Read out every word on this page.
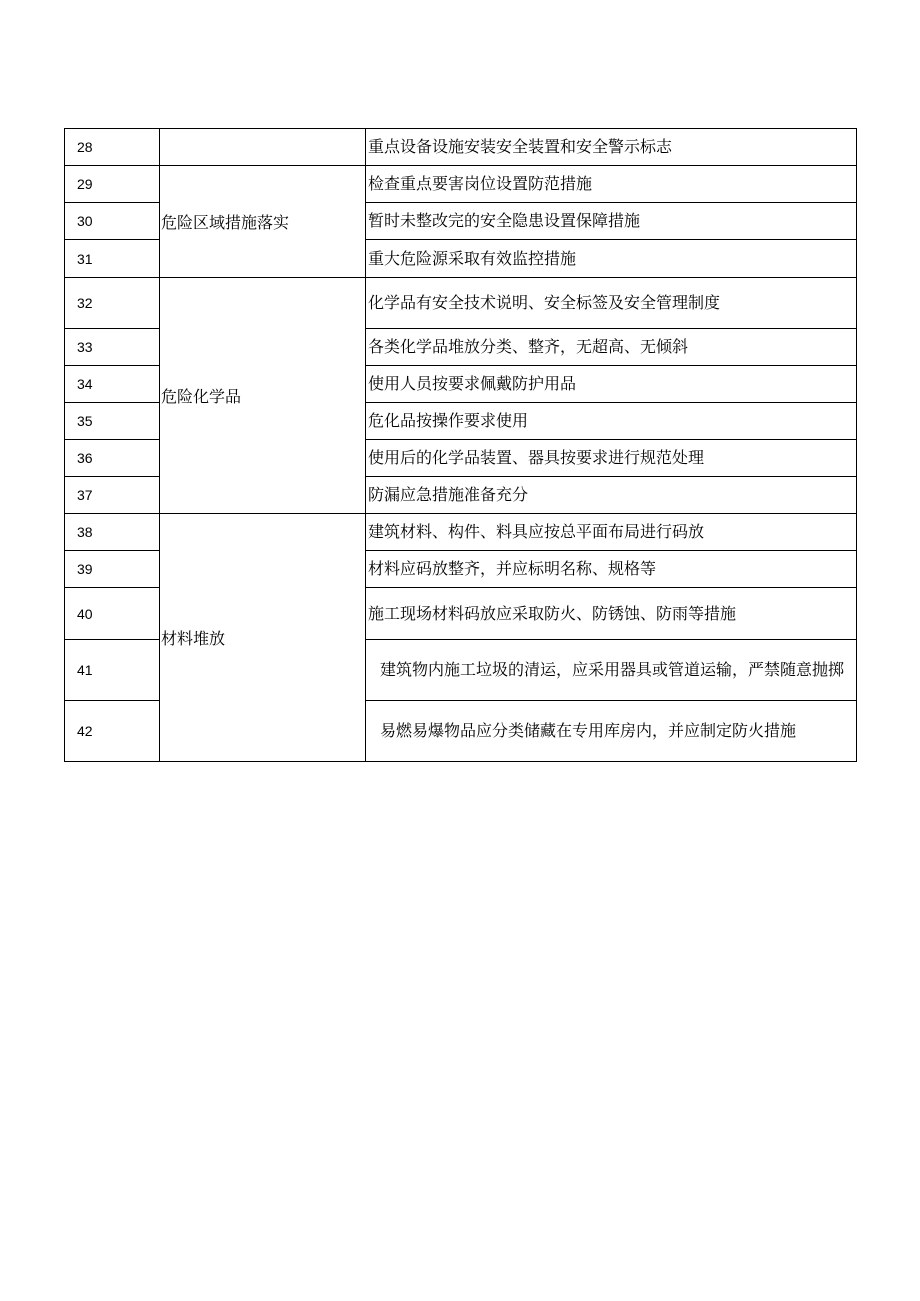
28		重点设备设施安装安全装置和安全警示标志
29	危险区域措施落实	检查重点要害岗位设置防范措施
30		暂时未整改完的安全隐患设置保障措施
31		重大危险源采取有效监控措施
32	危险化学品	化学品有安全技术说明、安全标签及安全管理制度
33		各类化学品堆放分类、整齐，无超高、无倾斜
34		使用人员按要求佩戴防护用品
35		危化品按操作要求使用
36		使用后的化学品装置、器具按要求进行规范处理
37		防漏应急措施准备充分
38	材料堆放	建筑材料、构件、料具应按总平面布局进行码放
39		材料应码放整齐，并应标明名称、规格等
40		施工现场材料码放应采取防火、防锈蚀、防雨等措施
41		建筑物内施工垃圾的清运，应采用器具或管道运输，严禁随意抛掷
42		易燃易爆物品应分类储藏在专用库房内，并应制定防火措施
